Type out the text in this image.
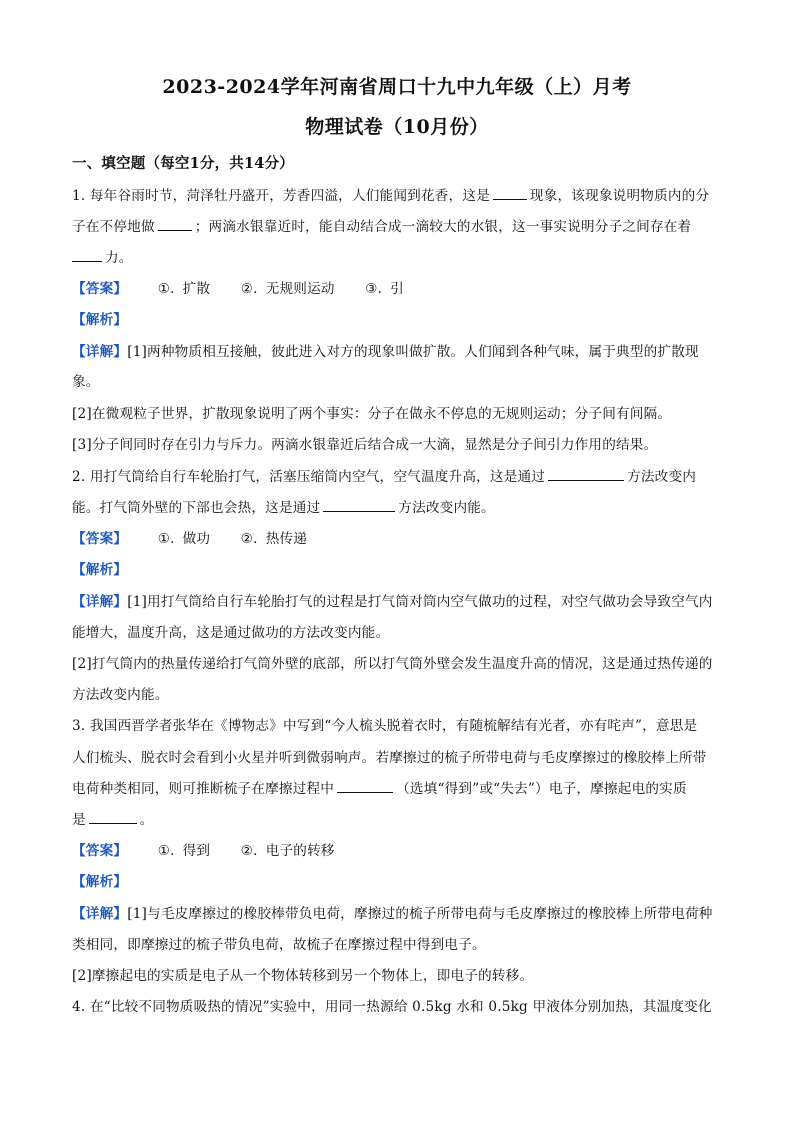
2023-2024学年河南省周口十九中九年级（上）月考
物理试卷（10月份）
一、填空题（每空1分，共14分）
1. 每年谷雨时节，菏泽牡丹盛开，芳香四溢，人们能闻到花香，这是	现象，该现象说明物质内的分
子在不停地做	；两滴水银靠近时，能自动结合成一滴较大的水银，这一事实说明分子之间存在着
力。
【答案】 ①. 扩散 ②. 无规则运动 ③. 引
【解析】
【详解】[1]两种物质相互接触，彼此进入对方的现象叫做扩散。人们闻到各种气味，属于典型的扩散现
象。
[2]在微观粒子世界，扩散现象说明了两个事实：分子在做永不停息的无规则运动；分子间有间隔。
[3]分子间同时存在引力与斥力。两滴水银靠近后结合成一大滴，显然是分子间引力作用的结果。
2. 用打气筒给自行车轮胎打气，活塞压缩筒内空气，空气温度升高，这是通过	方法改变内
能。打气筒外壁的下部也会热，这是通过	方法改变内能。
【答案】 ①. 做功 ②. 热传递
【解析】
【详解】[1]用打气筒给自行车轮胎打气的过程是打气筒对筒内空气做功的过程，对空气做功会导致空气内
能增大，温度升高，这是通过做功的方法改变内能。
[2]打气筒内的热量传递给打气筒外壁的底部，所以打气筒外壁会发生温度升高的情况，这是通过热传递的
方法改变内能。
3. 我国西晋学者张华在《博物志》中写到“今人梳头脱着衣时，有随梳解结有光者，亦有咤声”，意思是
人们梳头、脱衣时会看到小火星并听到微弱响声。若摩擦过的梳子所带电荷与毛皮摩擦过的橡胶棒上所带
电荷种类相同，则可推断梳子在摩擦过程中	（选填“得到”或“失去”）电子，摩擦起电的实质
是	。
【答案】 ①. 得到 ②. 电子的转移
【解析】
【详解】[1]与毛皮摩擦过的橡胶棒带负电荷，摩擦过的梳子所带电荷与毛皮摩擦过的橡胶棒上所带电荷种
类相同，即摩擦过的梳子带负电荷，故梳子在摩擦过程中得到电子。
[2]摩擦起电的实质是电子从一个物体转移到另一个物体上，即电子的转移。
4. 在“比较不同物质吸热的情况”实验中，用同一热源给 0.5kg 水和 0.5kg 甲液体分别加热，其温度变化
